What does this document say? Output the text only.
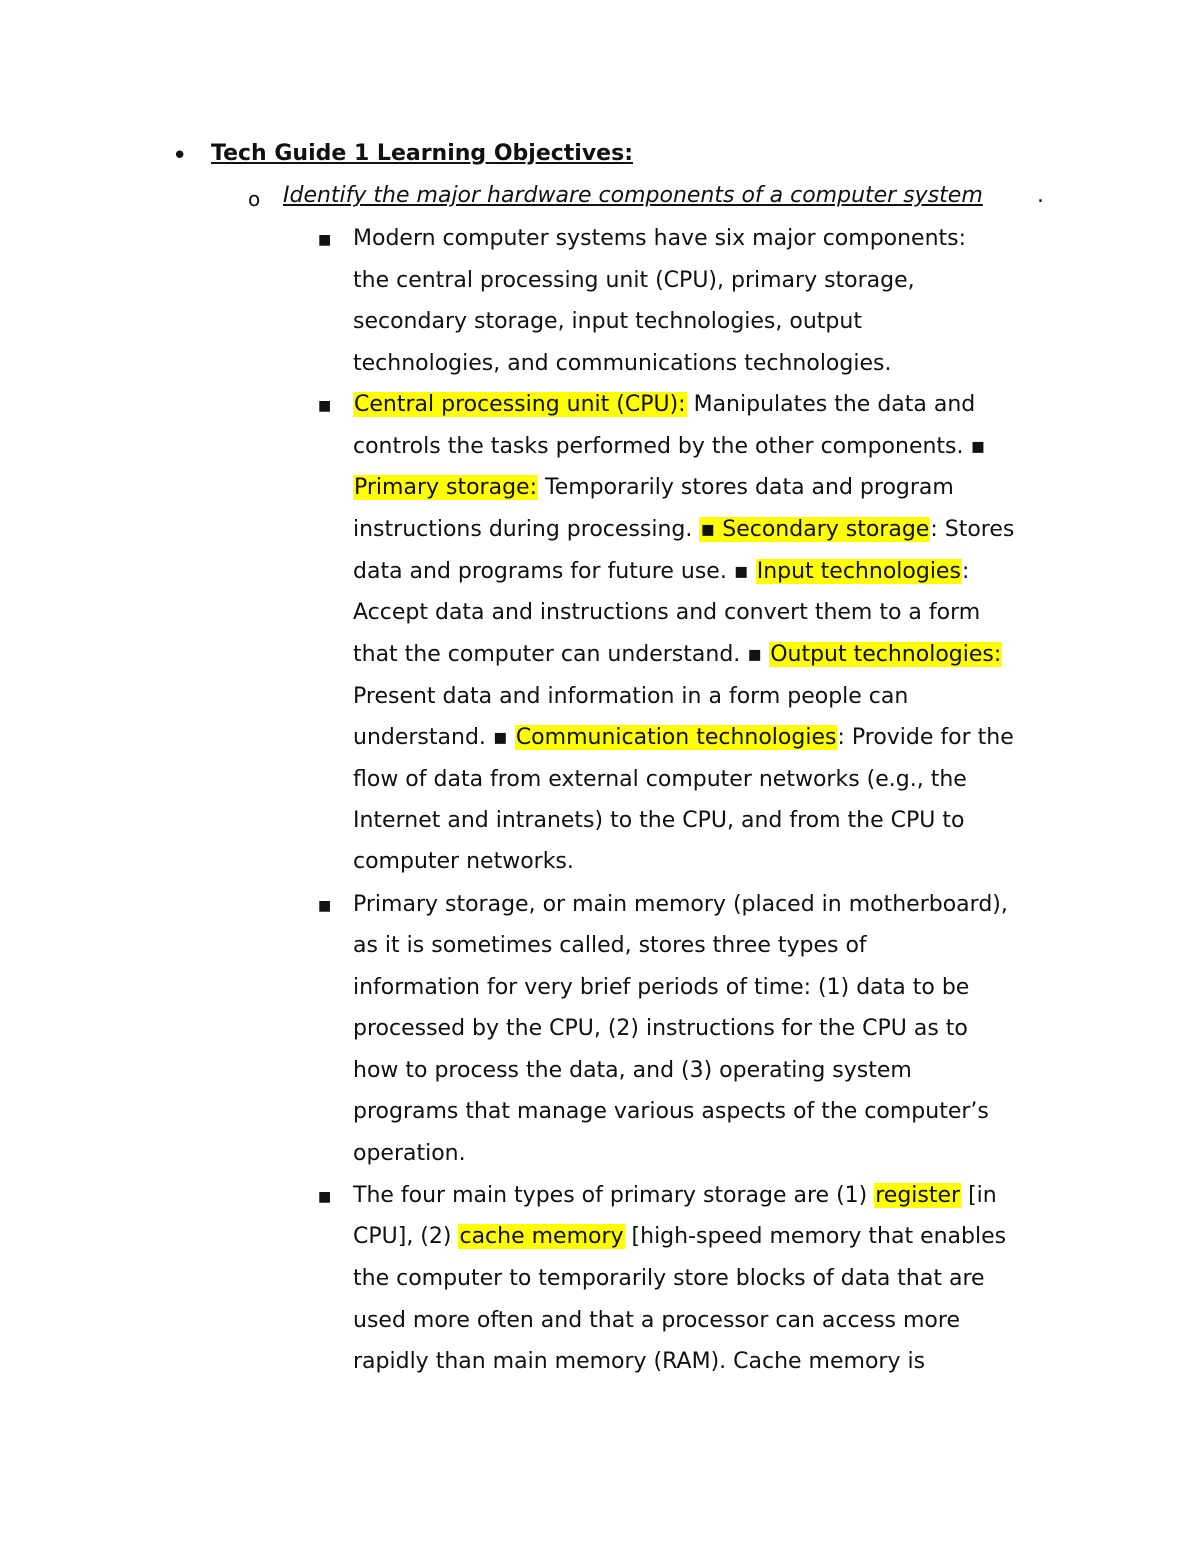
• Tech Guide 1 Learning Objectives:
o Identify the major hardware components of a computer system .
■ Modern computer systems have six major components:
the central processing unit (CPU), primary storage,
secondary storage, input technologies, output
technologies, and communications technologies.
■ Central processing unit (CPU): Manipulates the data and
controls the tasks performed by the other components. ▪
Primary storage: Temporarily stores data and program
instructions during processing. ▪ Secondary storage: Stores
data and programs for future use. ▪ Input technologies:
Accept data and instructions and convert them to a form
that the computer can understand. ▪ Output technologies:
Present data and information in a form people can
understand. ▪ Communication technologies: Provide for the
flow of data from external computer networks (e.g., the
Internet and intranets) to the CPU, and from the CPU to
computer networks.
■ Primary storage, or main memory (placed in motherboard),
as it is sometimes called, stores three types of
information for very brief periods of time: (1) data to be
processed by the CPU, (2) instructions for the CPU as to
how to process the data, and (3) operating system
programs that manage various aspects of the computer’s
operation.
■ The four main types of primary storage are (1) register [in
CPU], (2) cache memory [high-speed memory that enables
the computer to temporarily store blocks of data that are
used more often and that a processor can access more
rapidly than main memory (RAM). Cache memory is
